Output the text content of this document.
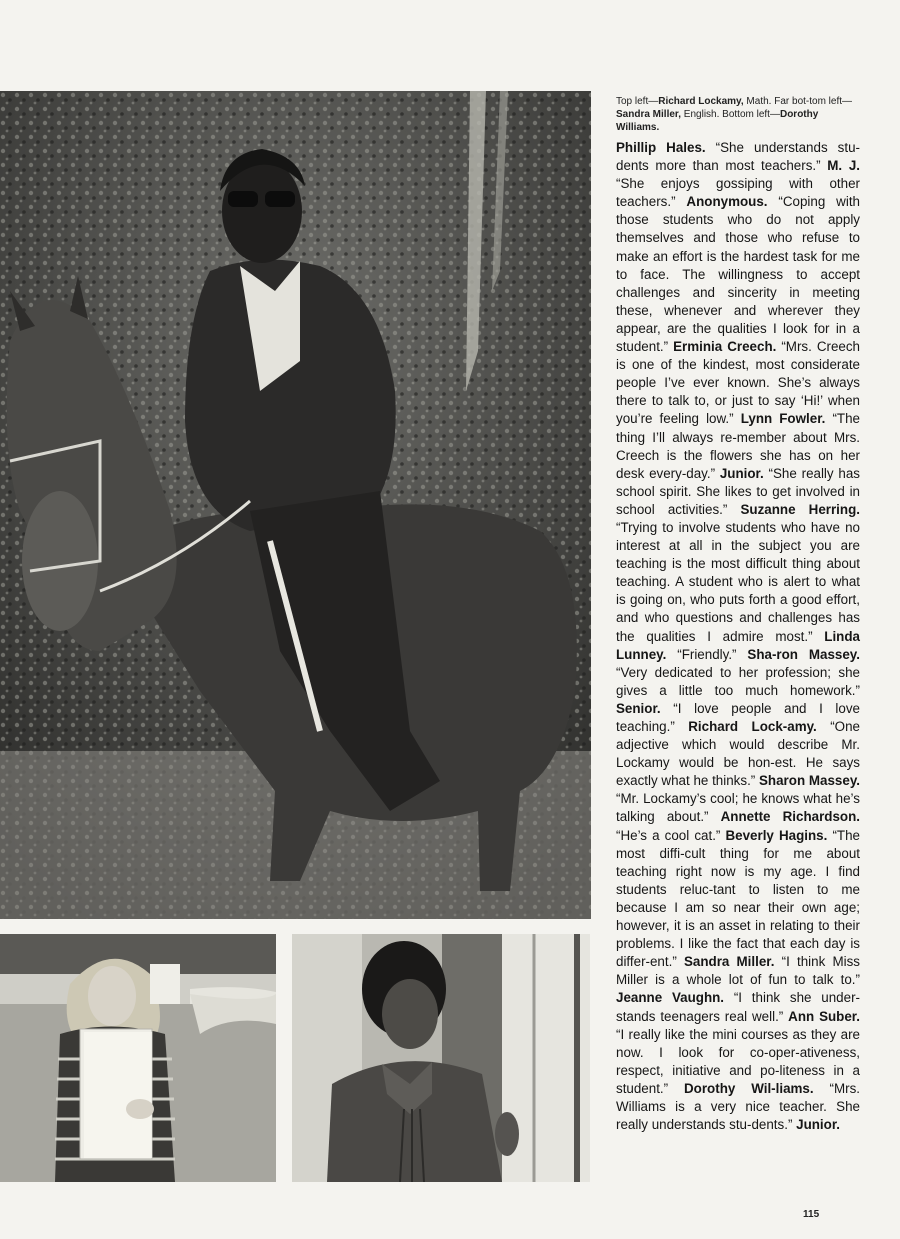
Top left—Richard Lockamy, Math. Far bot-tom left—Sandra Miller, English. Bottom left—Dorothy Williams.
Phillip Hales. “She understands stu-dents more than most teachers.” M. J. “She enjoys gossiping with other teachers.” Anonymous. “Coping with those students who do not apply themselves and those who refuse to make an effort is the hardest task for me to face. The willingness to accept challenges and sincerity in meeting these, whenever and wherever they appear, are the qualities I look for in a student.” Erminia Creech. “Mrs. Creech is one of the kindest, most considerate people I’ve ever known. She’s always there to talk to, or just to say ‘Hi!’ when you’re feeling low.” Lynn Fowler. “The thing I’ll always re-member about Mrs. Creech is the flowers she has on her desk every-day.” Junior. “She really has school spirit. She likes to get involved in school activities.” Suzanne Herring. “Trying to involve students who have no interest at all in the subject you are teaching is the most difficult thing about teaching. A student who is alert to what is going on, who puts forth a good effort, and who questions and challenges has the qualities I admire most.” Linda Lunney. “Friendly.” Sha-ron Massey. “Very dedicated to her profession; she gives a little too much homework.” Senior. “I love people and I love teaching.” Richard Lock-amy. “One adjective which would describe Mr. Lockamy would be hon-est. He says exactly what he thinks.” Sharon Massey. “Mr. Lockamy’s cool; he knows what he’s talking about.” Annette Richardson. “He’s a cool cat.” Beverly Hagins. “The most diffi-cult thing for me about teaching right now is my age. I find students reluc-tant to listen to me because I am so near their own age; however, it is an asset in relating to their problems. I like the fact that each day is differ-ent.” Sandra Miller. “I think Miss Miller is a whole lot of fun to talk to.” Jeanne Vaughn. “I think she under-stands teenagers real well.” Ann Suber. “I really like the mini courses as they are now. I look for co-oper-ativeness, respect, initiative and po-liteness in a student.” Dorothy Wil-liams. “Mrs. Williams is a very nice teacher. She really understands stu-dents.” Junior.
115
